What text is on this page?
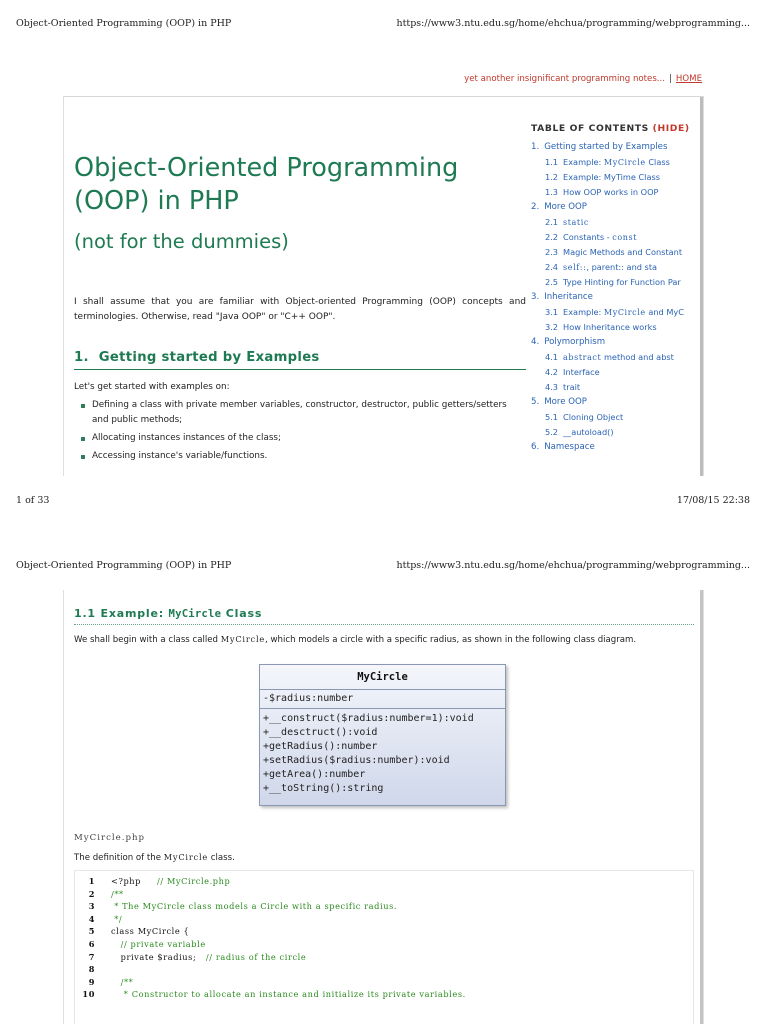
Object-Oriented Programming (OOP) in PHP	https://www3.ntu.edu.sg/home/ehchua/programming/webprogramming...
yet another insignificant programming notes... | HOME
Object-Oriented Programming (OOP) in PHP
(not for the dummies)

I shall assume that you are familiar with Object-oriented Programming (OOP) concepts and terminologies. Otherwise, read "Java OOP" or "C++ OOP".

1. Getting started by Examples

Let's get started with examples on:

Defining a class with private member variables, constructor, destructor, public getters/setters and public methods;
Allocating instances instances of the class;
Accessing instance's variable/functions.
TABLE OF CONTENTS (HIDE)
1. Getting started by Examples
1.1 Example: MyCircle Class
1.2 Example: MyTime Class
1.3 How OOP works in OOP
2. More OOP
2.1 static
2.2 Constants - const
2.3 Magic Methods and Constant
2.4 self::, parent:: and sta
2.5 Type Hinting for Function Par
3. Inheritance
3.1 Example: MyCircle and MyC
3.2 How Inheritance works
4. Polymorphism
4.1 abstract method and abst
4.2 Interface
4.3 trait
5. More OOP
5.1 Cloning Object
5.2 __autoload()
6. Namespace
1 of 33	17/08/15 22:38
Object-Oriented Programming (OOP) in PHP	https://www3.ntu.edu.sg/home/ehchua/programming/webprogramming...
1.1 Example: MyCircle Class

We shall begin with a class called MyCircle, which models a circle with a specific radius, as shown in the following class diagram.

MyCircle
-$radius:number
+__construct($radius:number=1):void
+__desctruct():void
+getRadius():number
+setRadius($radius:number):void
+getArea():number
+__toString():string
MyCircle.php

The definition of the MyCircle class.

1 <?php     // MyCircle.php
2 /**
3 * The MyCircle class models a Circle with a specific radius.
4 */
5 class MyCircle {
6	// private variable
7 private $radius;   // radius of the circle
8
9	/**
10	* Constructor to allocate an instance and initialize its private variables.
